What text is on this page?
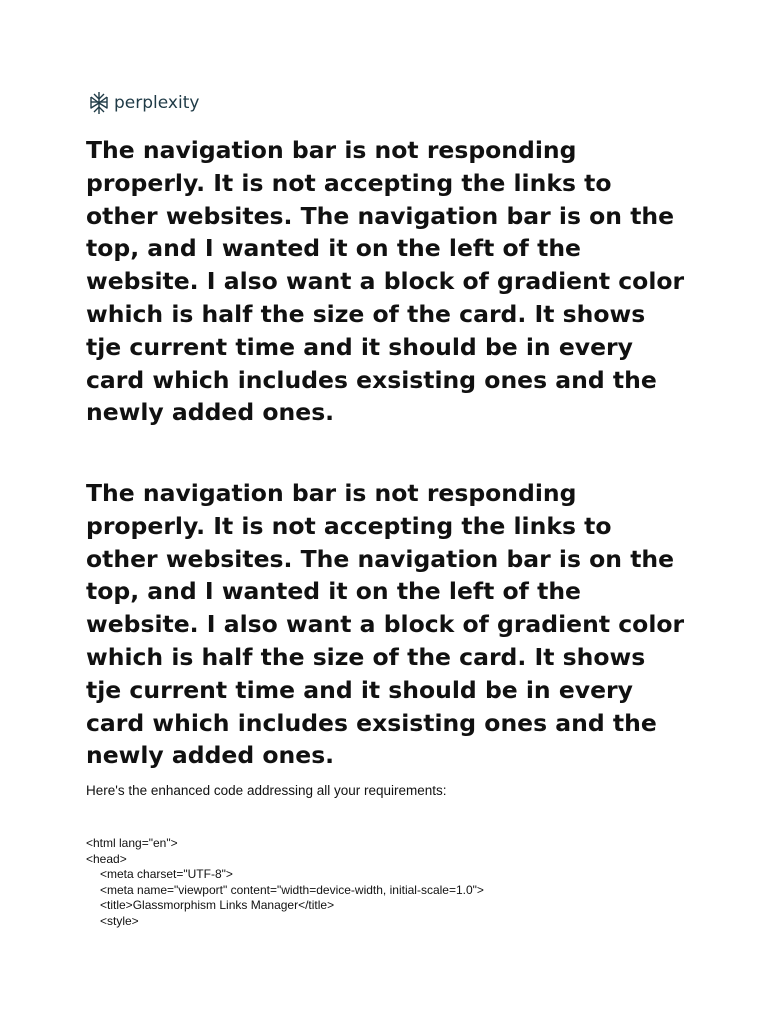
perplexity

The navigation bar is not responding properly. It is not accepting the links to other websites. The navigation bar is on the top, and I wanted it on the left of the website. I also want a block of gradient color which is half the size of the card. It shows tje current time and it should be in every card which includes exsisting ones and the newly added ones.

The navigation bar is not responding properly. It is not accepting the links to other websites. The navigation bar is on the top, and I wanted it on the left of the website. I also want a block of gradient color which is half the size of the card. It shows tje current time and it should be in every card which includes exsisting ones and the newly added ones.

Here's the enhanced code addressing all your requirements:

<html lang="en">
<head>
<meta charset="UTF-8">
<meta name="viewport" content="width=device-width, initial-scale=1.0">
<title>Glassmorphism Links Manager</title>
<style>
